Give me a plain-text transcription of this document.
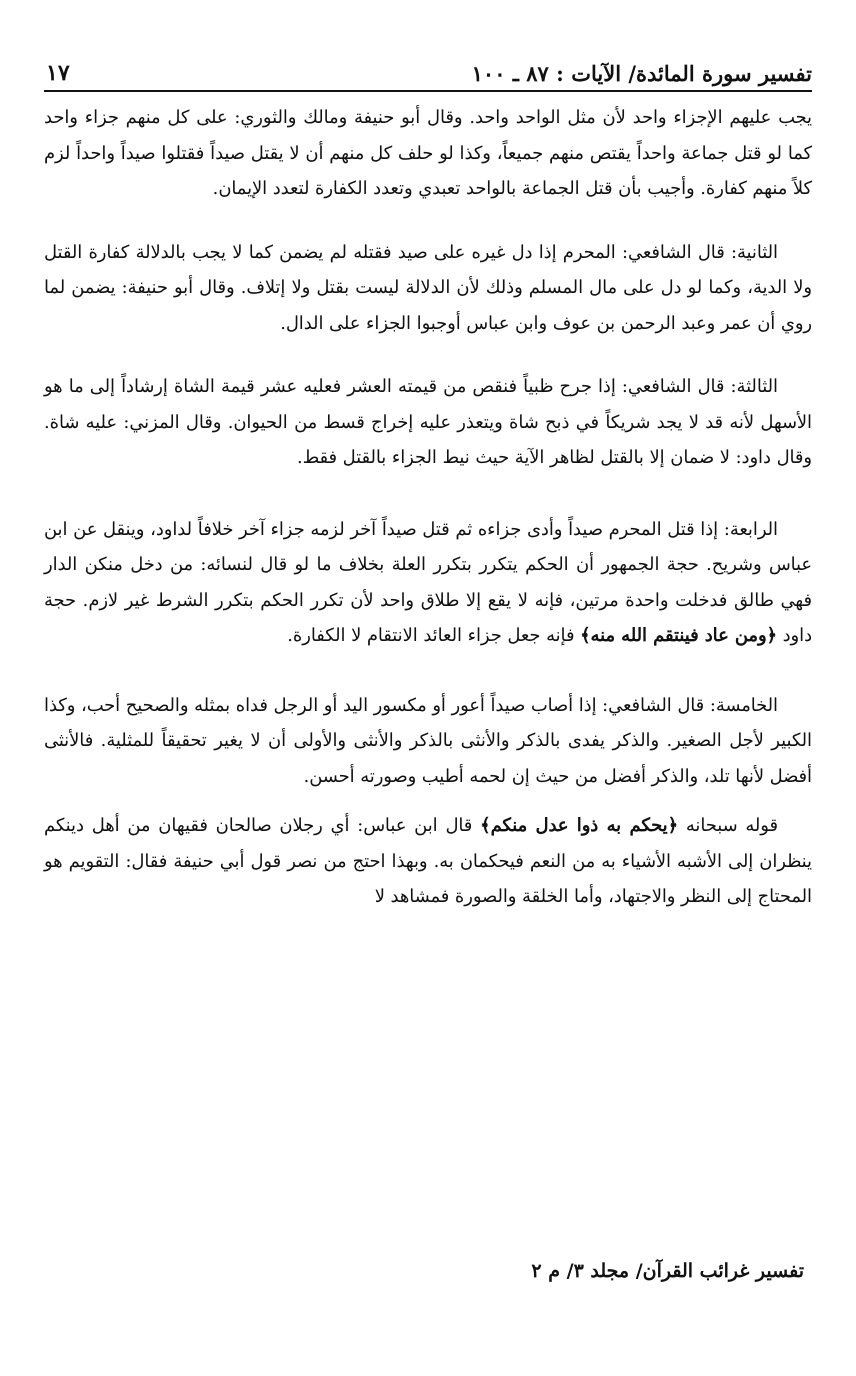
تفسير سورة المائدة/ الآيات : ٨٧ ـ ١٠٠
١٧

يجب عليهم الإجزاء واحد لأن مثل الواحد واحد. وقال أبو حنيفة ومالك والثوري: على كل منهم جزاء واحد كما لو قتل جماعة واحداً يقتص منهم جميعاً، وكذا لو حلف كل منهم أن لا يقتل صيداً فقتلوا صيداً واحداً لزم كلاً منهم كفارة. وأجيب بأن قتل الجماعة بالواحد تعبدي وتعدد الكفارة لتعدد الإيمان.

الثانية: قال الشافعي: المحرم إذا دل غيره على صيد فقتله لم يضمن كما لا يجب بالدلالة كفارة القتل ولا الدية، وكما لو دل على مال المسلم وذلك لأن الدلالة ليست بقتل ولا إتلاف. وقال أبو حنيفة: يضمن لما روي أن عمر وعبد الرحمن بن عوف وابن عباس أوجبوا الجزاء على الدال.

الثالثة: قال الشافعي: إذا جرح ظبياً فنقص من قيمته العشر فعليه عشر قيمة الشاة إرشاداً إلى ما هو الأسهل لأنه قد لا يجد شريكاً في ذبح شاة ويتعذر عليه إخراج قسط من الحيوان. وقال المزني: عليه شاة. وقال داود: لا ضمان إلا بالقتل لظاهر الآية حيث نيط الجزاء بالقتل فقط.

الرابعة: إذا قتل المحرم صيداً وأدى جزاءه ثم قتل صيداً آخر لزمه جزاء آخر خلافاً لداود، وينقل عن ابن عباس وشريح. حجة الجمهور أن الحكم يتكرر بتكرر العلة بخلاف ما لو قال لنسائه: من دخل منكن الدار فهي طالق فدخلت واحدة مرتين، فإنه لا يقع إلا طلاق واحد لأن تكرر الحكم بتكرر الشرط غير لازم. حجة داود ﴿ومن عاد فينتقم الله منه﴾ فإنه جعل جزاء العائد الانتقام لا الكفارة.

الخامسة: قال الشافعي: إذا أصاب صيداً أعور أو مكسور اليد أو الرجل فداه بمثله والصحيح أحب، وكذا الكبير لأجل الصغير. والذكر يفدى بالذكر والأنثى بالذكر والأنثى والأولى أن لا يغير تحقيقاً للمثلية. فالأنثى أفضل لأنها تلد، والذكر أفضل من حيث إن لحمه أطيب وصورته أحسن.

قوله سبحانه ﴿يحكم به ذوا عدل منكم﴾ قال ابن عباس: أي رجلان صالحان فقيهان من أهل دينكم ينظران إلى الأشبه الأشياء به من النعم فيحكمان به. وبهذا احتج من نصر قول أبي حنيفة فقال: التقويم هو المحتاج إلى النظر والاجتهاد، وأما الخلقة والصورة فمشاهد لا

تفسير غرائب القرآن/ مجلد ٣/ م ٢
